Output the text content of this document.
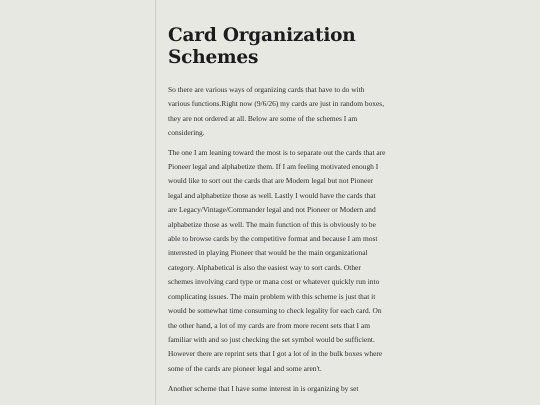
Card Organization Schemes

So there are various ways of organizing cards that have to do with various functions.Right now (9/6/26) my cards are just in random boxes, they are not ordered at all. Below are some of the schemes I am considering.

The one I am leaning toward the most is to separate out the cards that are Pioneer legal and alphabetize them. If I am feeling motivated enough I would like to sort out the cards that are Modern legal but not Pioneer legal and alphabetize those as well. Lastly I would have the cards that are Legacy/Vintage/Commander legal and not Pioneer or Modern and alphabetize those as well. The main function of this is obviously to be able to browse cards by the competitive format and because I am most interested in playing Pioneer that would be the main organizational category. Alphabetical is also the easiest way to sort cards. Other schemes involving card type or mana cost or whatever quickly run into complicating issues. The main problem with this scheme is just that it would be somewhat time consuming to check legality for each card. On the other hand, a lot of my cards are from more recent sets that I am familiar with and so just checking the set symbol would be sufficient. However there are reprint sets that I got a lot of in the bulk boxes where some of the cards are pioneer legal and some aren't.

Another scheme that I have some interest in is organizing by set
